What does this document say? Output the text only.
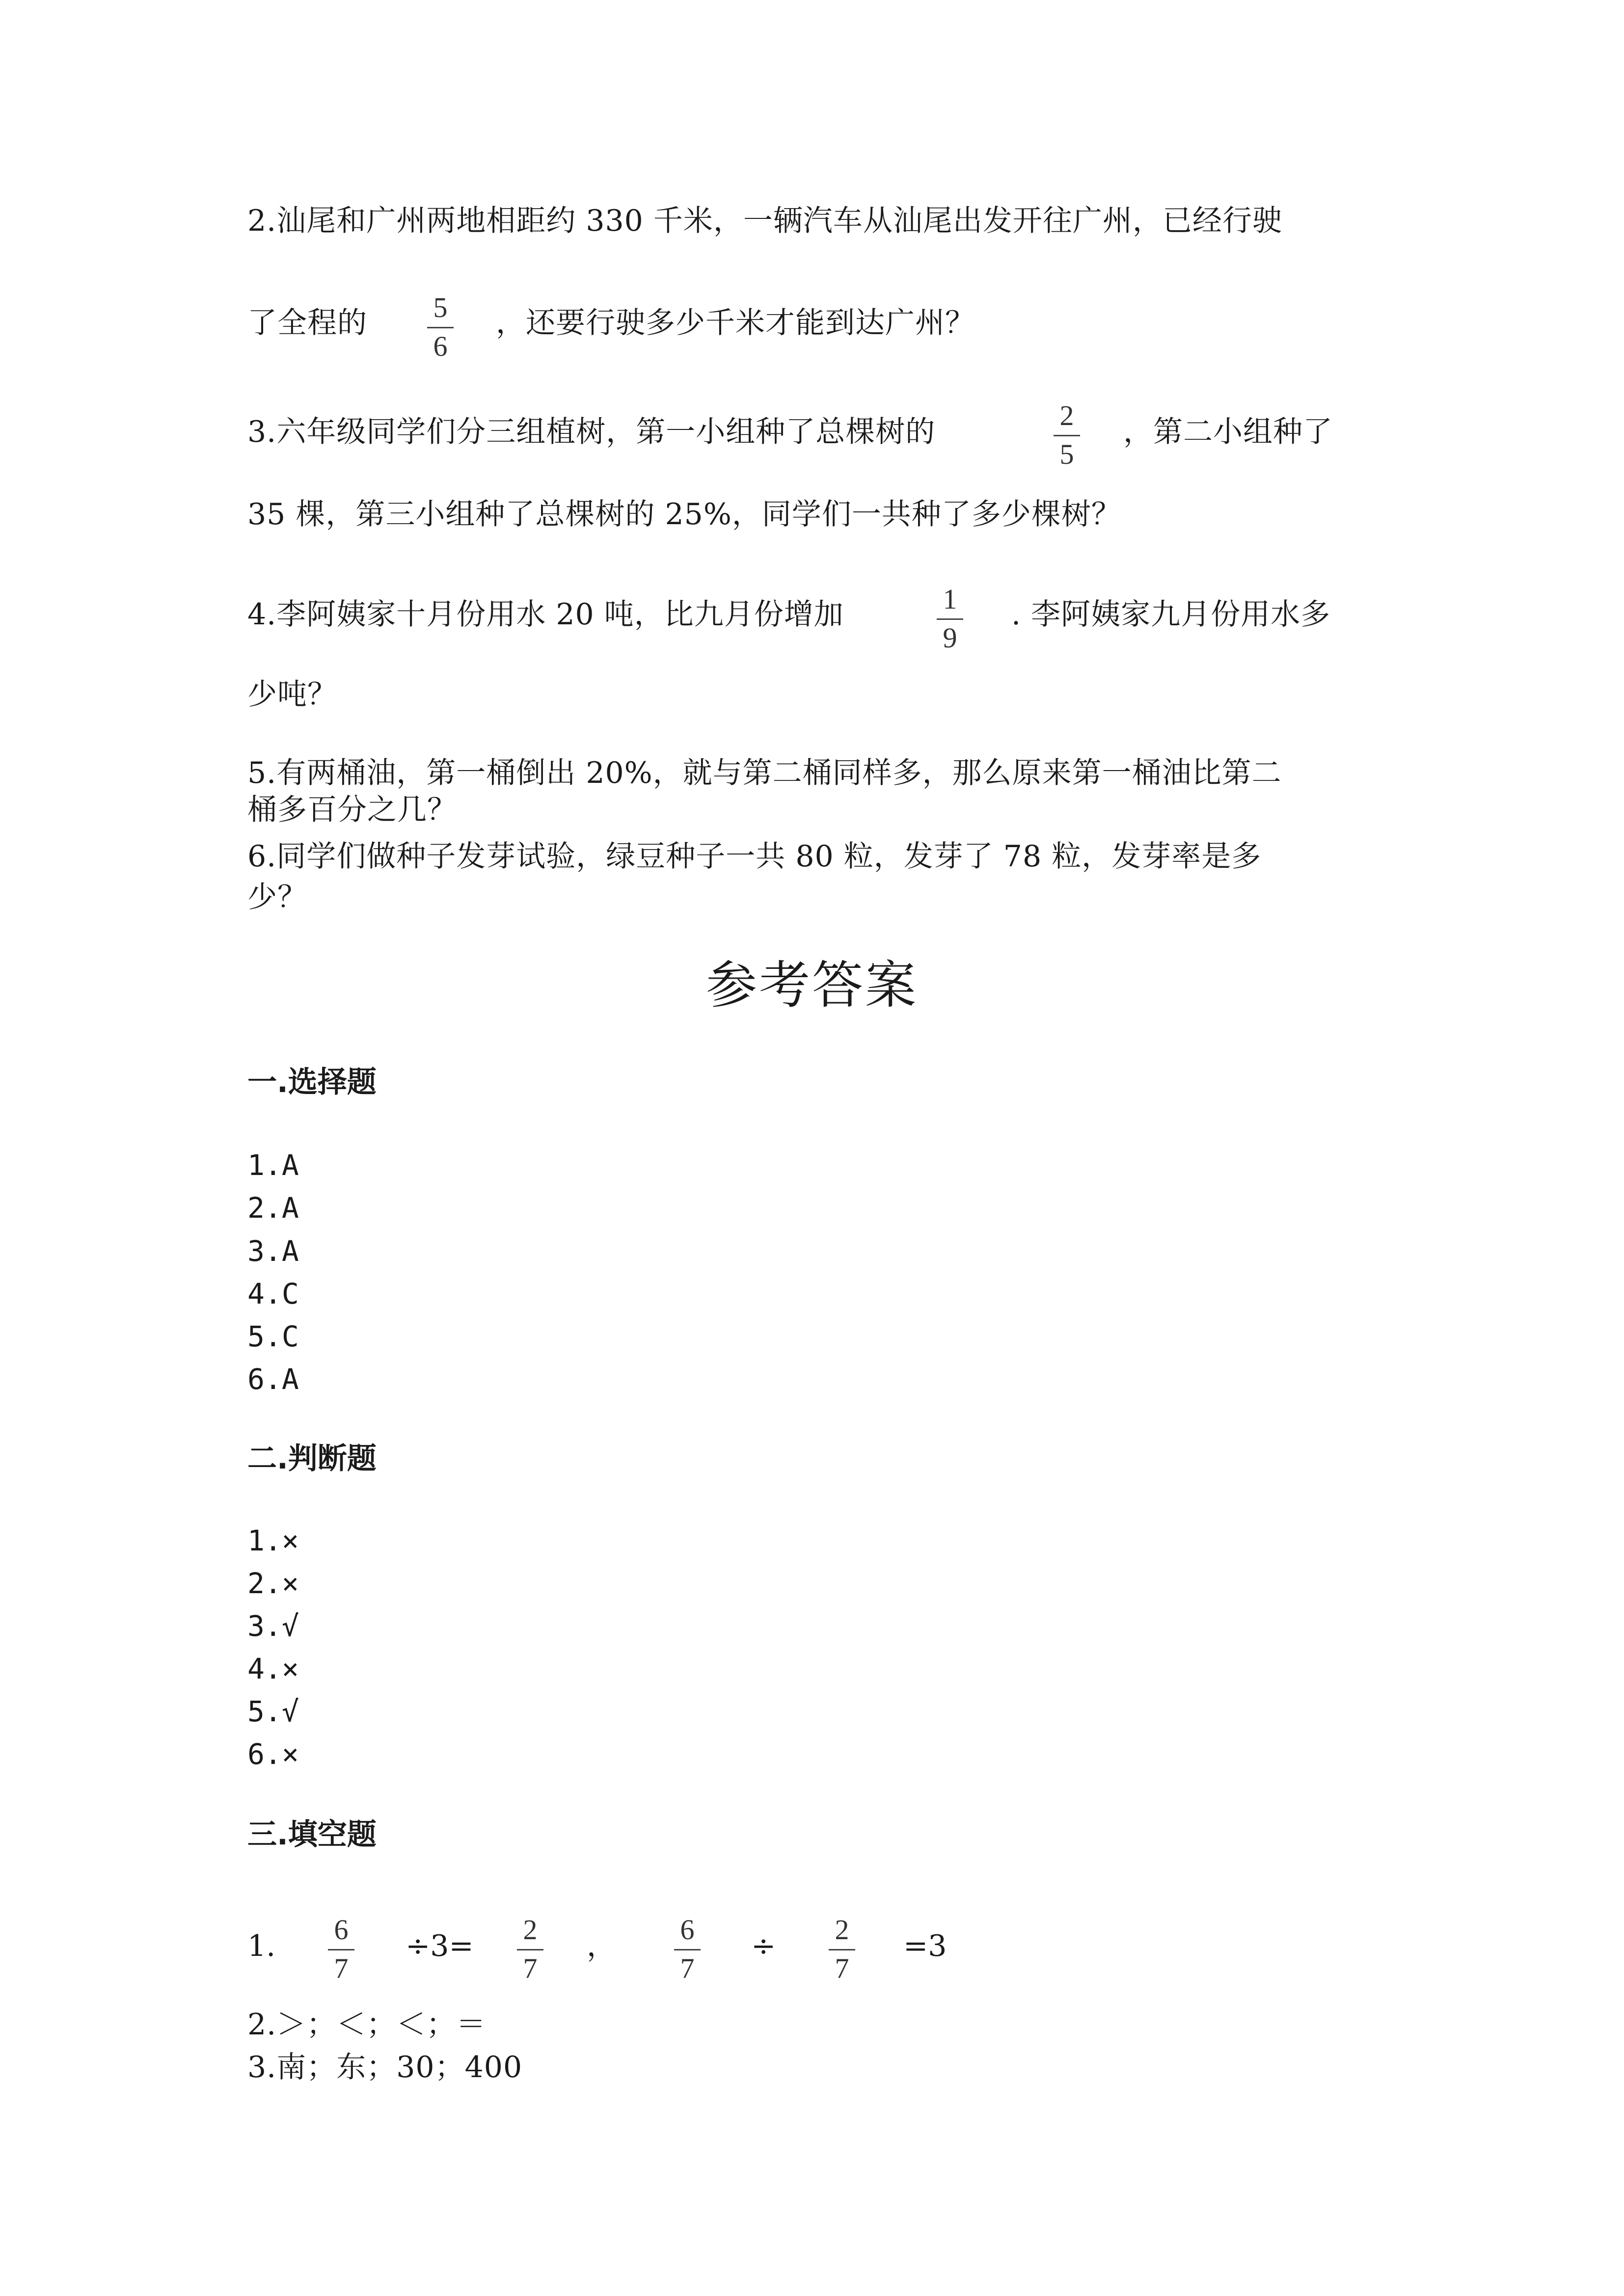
2.汕尾和广州两地相距约 330 千米，一辆汽车从汕尾出发开往广州，已经行驶
了全程的	5
6
，还要行驶多少千米才能到达广州？
3.六年级同学们分三组植树，第一小组种了总棵树的	2
5
，第二小组种了
35 棵，第三小组种了总棵树的 25%，同学们一共种了多少棵树？
4.李阿姨家十月份用水 20 吨，比九月份增加	1
9
. 李阿姨家九月份用水多
少吨？
5.有两桶油，第一桶倒出 20%，就与第二桶同样多，那么原来第一桶油比第二
桶多百分之几？
6.同学们做种子发芽试验，绿豆种子一共 80 粒，发芽了 78 粒，发芽率是多
少？
参考答案
一.选择题
1.A
2.A
3.A
4.C
5.C
6.A
二.判断题
1.×
2.×
3.√
4.×
5.√
6.×
三.填空题
1.	6
7
÷3=	2
7
，	6
7
÷	2
7
=3
2.＞；＜；＜；＝
3.南；东；30；400
